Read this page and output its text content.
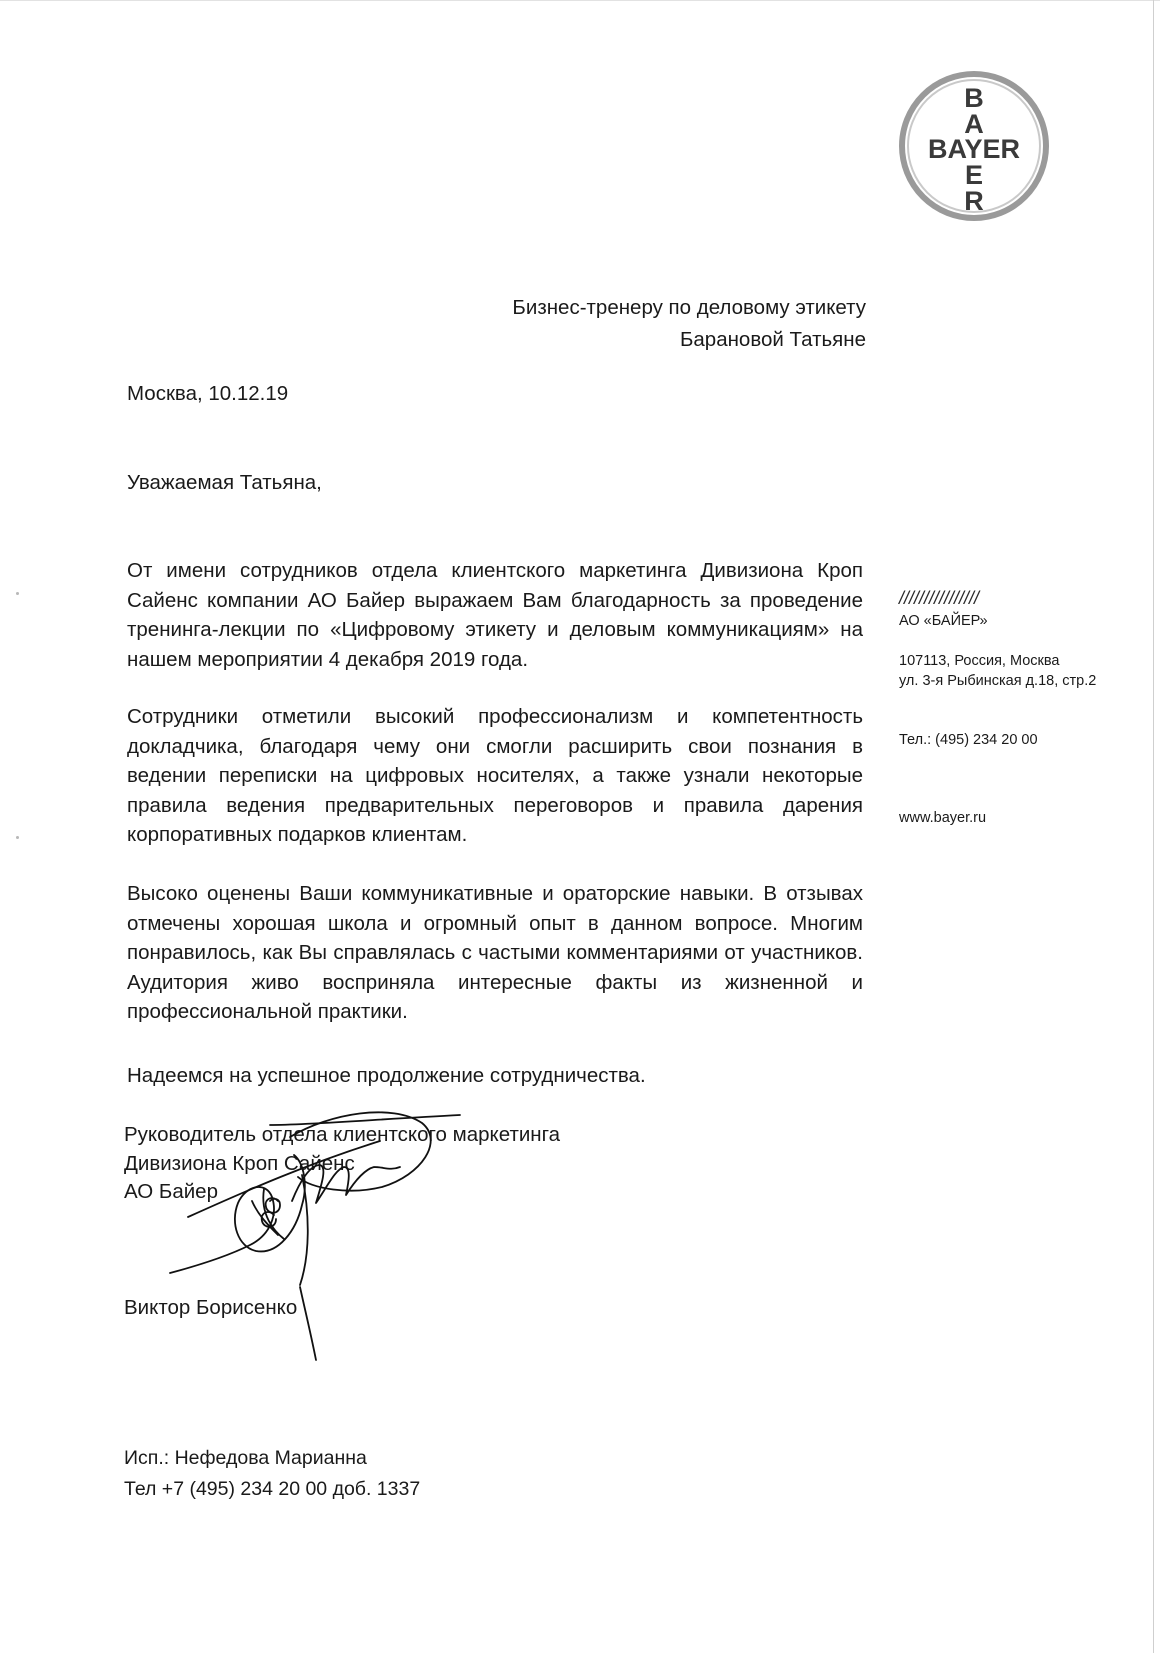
B
A
BAYER
E
R
Бизнес-тренеру по деловому этикету
Барановой Татьяне
Москва, 10.12.19
Уважаемая Татьяна,

От имени сотрудников отдела клиентского маркетинга Дивизиона Кроп Сайенс компании АО Байер выражаем Вам благодарность за проведение тренинга-лекции по «Цифровому этикету и деловым коммуникациям» на нашем мероприятии 4 декабря 2019 года.

Сотрудники отметили высокий профессионализм и компетентность докладчика, благодаря чему они смогли расширить свои познания в ведении переписки на цифровых носителях, а также узнали некоторые правила ведения предварительных переговоров и правила дарения корпоративных подарков клиентам.

Высоко оценены Ваши коммуникативные и ораторские навыки. В отзывах отмечены хорошая школа и огромный опыт в данном вопросе. Многим понравилось, как Вы справлялась с частыми комментариями от участников. Аудитория живо восприняла интересные факты из жизненной и профессиональной практики.

Надеемся на успешное продолжение сотрудничества.

////////////////
АО «БАЙЕР»
107113, Россия, Москва
ул. 3-я Рыбинская д.18, стр.2
Тел.: (495) 234 20 00
www.bayer.ru
Руководитель отдела клиентского маркетинга
Дивизиона Кроп Сайенс
АО Байер
Виктор Борисенко
Исп.: Нефедова Марианна
Тел +7 (495) 234 20 00 доб. 1337
